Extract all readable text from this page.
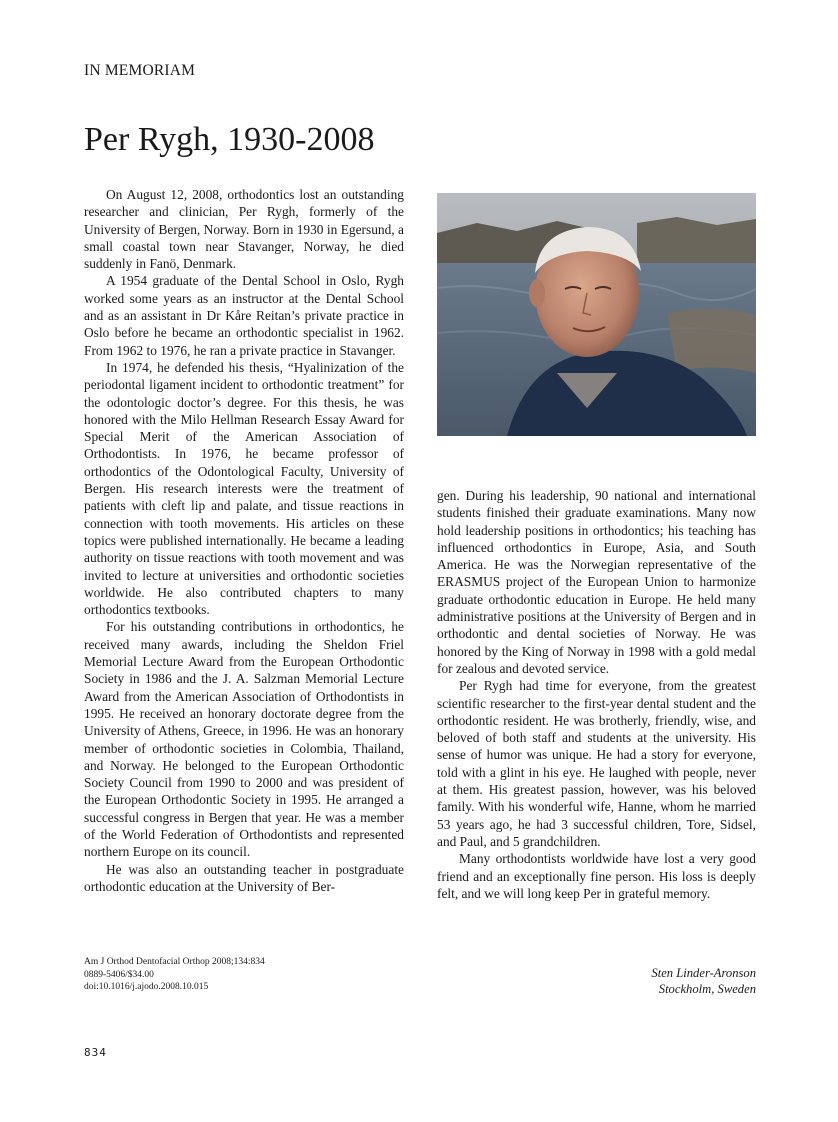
IN MEMORIAM
Per Rygh, 1930-2008

On August 12, 2008, orthodontics lost an outstanding researcher and clinician, Per Rygh, formerly of the University of Bergen, Norway. Born in 1930 in Egersund, a small coastal town near Stavanger, Norway, he died suddenly in Fanö, Denmark.

A 1954 graduate of the Dental School in Oslo, Rygh worked some years as an instructor at the Dental School and as an assistant in Dr Kåre Reitan’s private practice in Oslo before he became an orthodontic specialist in 1962. From 1962 to 1976, he ran a private practice in Stavanger.

In 1974, he defended his thesis, “Hyalinization of the periodontal ligament incident to orthodontic treatment” for the odontologic doctor’s degree. For this thesis, he was honored with the Milo Hellman Research Essay Award for Special Merit of the American Association of Orthodontists. In 1976, he became professor of orthodontics of the Odontological Faculty, University of Bergen. His research interests were the treatment of patients with cleft lip and palate, and tissue reactions in connection with tooth movements. His articles on these topics were published internationally. He became a leading authority on tissue reactions with tooth movement and was invited to lecture at universities and orthodontic societies worldwide. He also contributed chapters to many orthodontics textbooks.

For his outstanding contributions in orthodontics, he received many awards, including the Sheldon Friel Memorial Lecture Award from the European Orthodontic Society in 1986 and the J. A. Salzman Memorial Lecture Award from the American Association of Orthodontists in 1995. He received an honorary doctorate degree from the University of Athens, Greece, in 1996. He was an honorary member of orthodontic societies in Colombia, Thailand, and Norway. He belonged to the European Orthodontic Society Council from 1990 to 2000 and was president of the European Orthodontic Society in 1995. He arranged a successful congress in Bergen that year. He was a member of the World Federation of Orthodontists and represented northern Europe on its council.

He was also an outstanding teacher in postgraduate orthodontic education at the University of Ber-

gen. During his leadership, 90 national and international students finished their graduate examinations. Many now hold leadership positions in orthodontics; his teaching has influenced orthodontics in Europe, Asia, and South America. He was the Norwegian representative of the ERASMUS project of the European Union to harmonize graduate orthodontic education in Europe. He held many administrative positions at the University of Bergen and in orthodontic and dental societies of Norway. He was honored by the King of Norway in 1998 with a gold medal for zealous and devoted service.

Per Rygh had time for everyone, from the greatest scientific researcher to the first-year dental student and the orthodontic resident. He was brotherly, friendly, wise, and beloved of both staff and students at the university. His sense of humor was unique. He had a story for everyone, told with a glint in his eye. He laughed with people, never at them. His greatest passion, however, was his beloved family. With his wonderful wife, Hanne, whom he married 53 years ago, he had 3 successful children, Tore, Sidsel, and Paul, and 5 grandchildren.

Many orthodontists worldwide have lost a very good friend and an exceptionally fine person. His loss is deeply felt, and we will long keep Per in grateful memory.

Am J Orthod Dentofacial Orthop 2008;134:834
0889-5406/$34.00
doi:10.1016/j.ajodo.2008.10.015
Sten Linder-Aronson
Stockholm, Sweden
834
